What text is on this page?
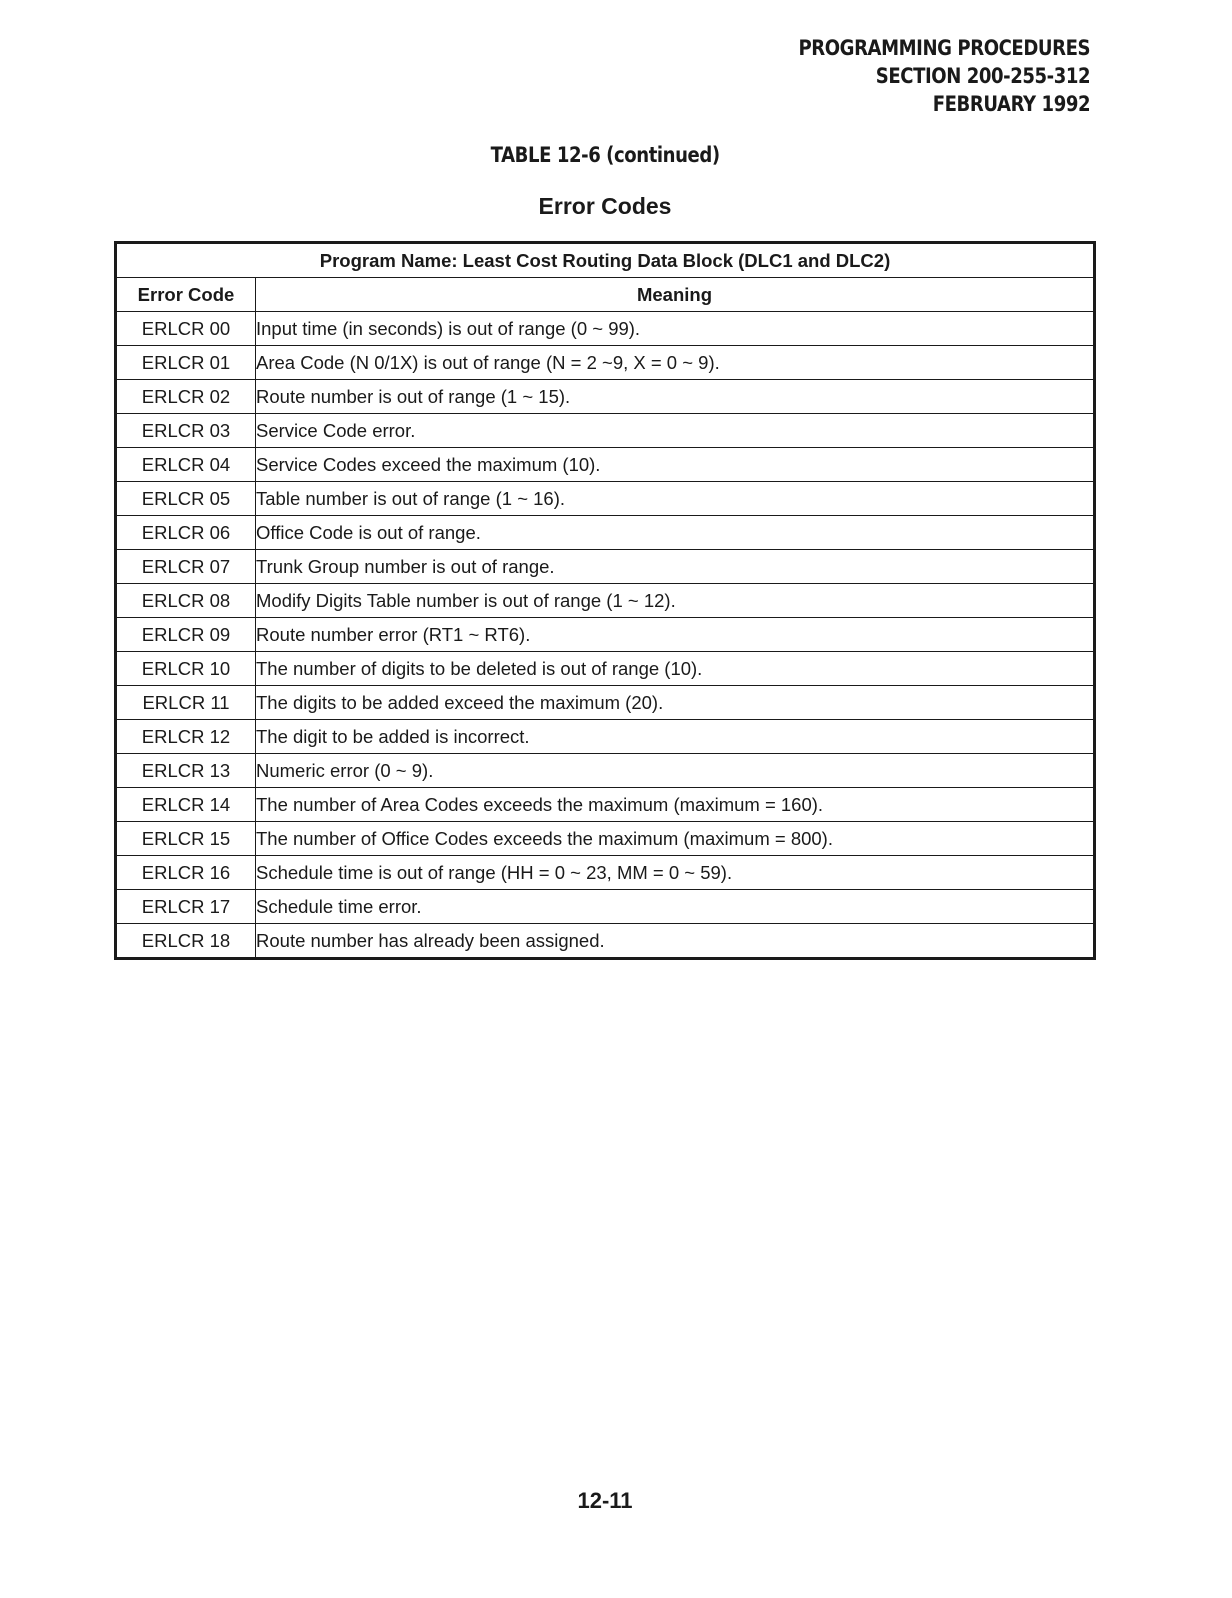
PROGRAMMING PROCEDURES
SECTION 200-255-312
FEBRUARY 1992
TABLE 12-6 (continued)
Error Codes
Program Name: Least Cost Routing Data Block (DLC1 and DLC2)	
Error Code	Meaning
ERLCR 00	Input time (in seconds) is out of range (0 ~ 99).
ERLCR 01	Area Code (N 0/1X) is out of range (N = 2 ~9, X = 0 ~ 9).
ERLCR 02	Route number is out of range (1 ~ 15).
ERLCR 03	Service Code error.
ERLCR 04	Service Codes exceed the maximum (10).
ERLCR 05	Table number is out of range (1 ~ 16).
ERLCR 06	Office Code is out of range.
ERLCR 07	Trunk Group number is out of range.
ERLCR 08	Modify Digits Table number is out of range (1 ~ 12).
ERLCR 09	Route number error (RT1 ~ RT6).
ERLCR 10	The number of digits to be deleted is out of range (10).
ERLCR 11	The digits to be added exceed the maximum (20).
ERLCR 12	The digit to be added is incorrect.
ERLCR 13	Numeric error (0 ~ 9).
ERLCR 14	The number of Area Codes exceeds the maximum (maximum = 160).
ERLCR 15	The number of Office Codes exceeds the maximum (maximum = 800).
ERLCR 16	Schedule time is out of range (HH = 0 ~ 23, MM = 0 ~ 59).
ERLCR 17	Schedule time error.
ERLCR 18	Route number has already been assigned.
12-11
